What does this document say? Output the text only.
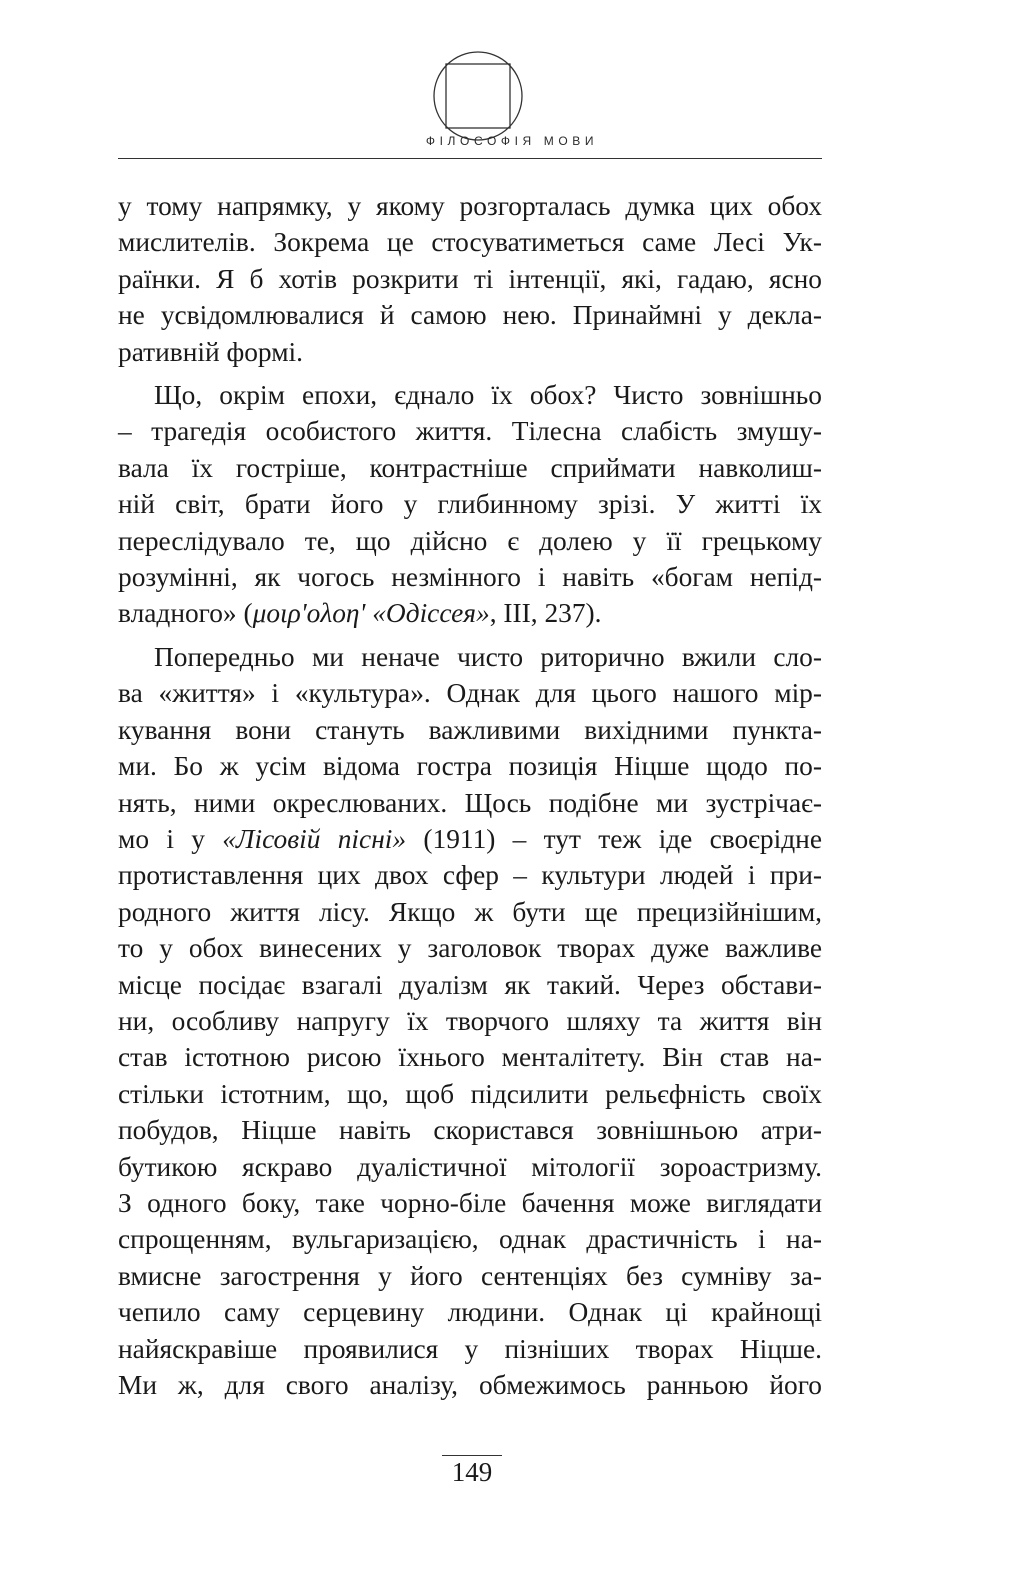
ФІЛОСОФІЯ МОВИ

у тому напрямку, у якому розгорталась думка цих обох
мислителів. Зокрема це стосуватиметься саме Лесі Ук-
раїнки. Я б хотів розкрити ті інтенції, які, гадаю, ясно
не усвідомлювалися й самою нею. Принаймні у декла-
ративній формі.

Що, окрім епохи, єднало їх обох? Чисто зовнішньо
– трагедія особистого життя. Тілесна слабість змушу-
вала їх гостріше, контрастніше сприймати навколиш-
ній світ, брати його у глибинному зрізі. У житті їх
переслідувало те, що дійсно є долею у її грецькому
розумінні, як чогось незмінного і навіть «богам непід-
владного» (μοιρ'ολοη' «Одіссея», III, 237).

Попередньо ми неначе чисто риторично вжили сло-
ва «життя» і «культура». Однак для цього нашого мір-
кування вони стануть важливими вихідними пункта-
ми. Бо ж усім відома гостра позиція Ніцше щодо по-
нять, ними окреслюваних. Щось подібне ми зустрічає-
мо і у «Лісовій пісні» (1911) – тут теж іде своєрідне
протиставлення цих двох сфер – культури людей і при-
родного життя лісу. Якщо ж бути ще прецизійнішим,
то у обох винесених у заголовок творах дуже важливе
місце посідає взагалі дуалізм як такий. Через обстави-
ни, особливу напругу їх творчого шляху та життя він
став істотною рисою їхнього менталітету. Він став на-
стільки істотним, що, щоб підсилити рельєфність своїх
побудов, Ніцше навіть скористався зовнішньою атри-
бутикою яскраво дуалістичної мітології зороастризму.
З одного боку, таке чорно-біле бачення може виглядати
спрощенням, вульгаризацією, однак драстичність і на-
вмисне загострення у його сентенціях без сумніву за-
чепило саму серцевину людини. Однак ці крайнощі
найяскравіше проявилися у пізніших творах Ніцше.
Ми ж, для свого аналізу, обмежимось ранньою його

149
